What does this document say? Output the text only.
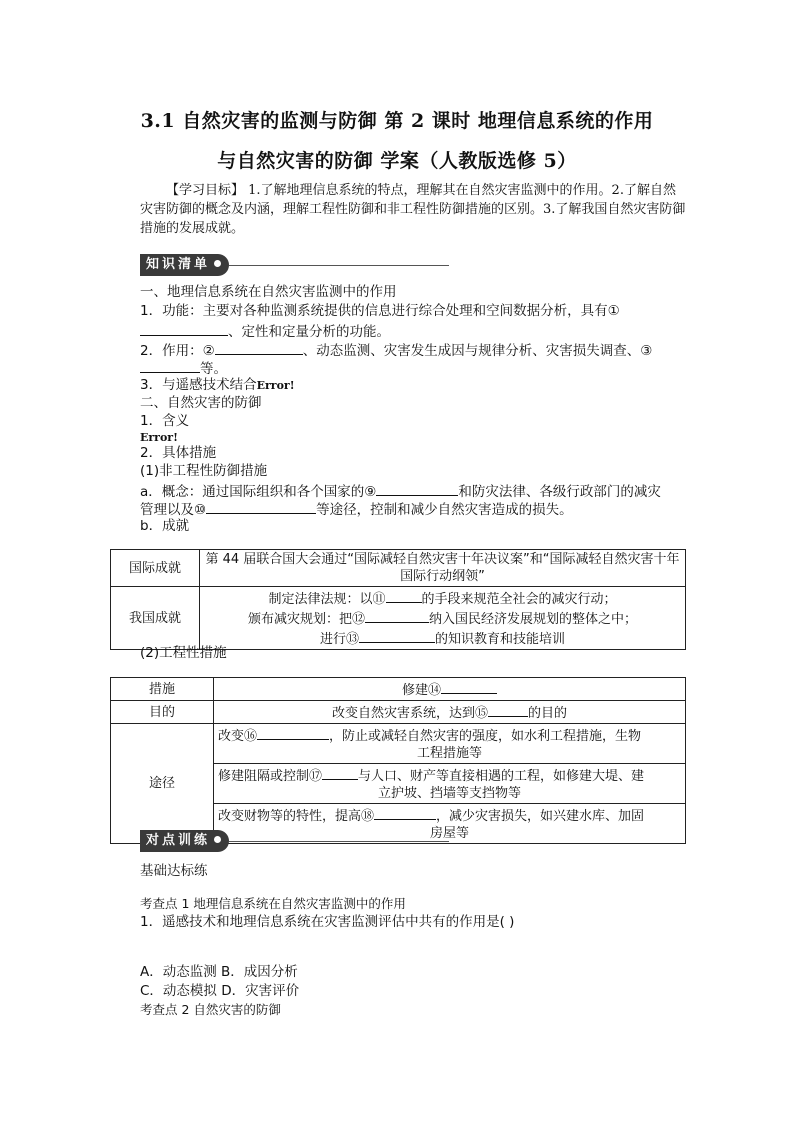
3.1 自然灾害的监测与防御 第 2 课时 地理信息系统的作用
与自然灾害的防御 学案（人教版选修 5）
【学习目标】 1.了解地理信息系统的特点，理解其在自然灾害监测中的作用。2.了解自然灾害防御的概念及内涵，理解工程性防御和非工程性防御措施的区别。3.了解我国自然灾害防御措施的发展成就。
知识清单
一、地理信息系统在自然灾害监测中的作用
1．功能：主要对各种监测系统提供的信息进行综合处理和空间数据分析，具有①
、定性和定量分析的功能。
2．作用：②	、动态监测、灾害发生成因与规律分析、灾害损失调查、③
等。
3．与遥感技术结合Error!
二、自然灾害的防御
1．含义
Error!
2．具体措施
(1)非工程性防御措施
a．概念：通过国际组织和各个国家的⑨	和防灾法律、各级行政部门的减灾
管理以及⑩	等途径，控制和减少自然灾害造成的损失。
b．成就
国际成就	第 44 届联合国大会通过“国际减轻自然灾害十年决议案”和“国际减轻自然灾害十年国际行动纲领”
我国成就	制定法律法规：以⑪ 的手段来规范全社会的减灾行动；
颁布减灾规划：把⑫ 纳入国民经济发展规划的整体之中；
进行⑬ 的知识教育和技能培训
(2)工程性措施
措施	修建⑭
目的	改变自然灾害系统，达到⑮ 的目的
途径	改变⑯ ，防止或减轻自然灾害的强度，如水利工程措施，生物
工程措施等

	修建阻隔或控制⑰ 与人口、财产等直接相遇的工程，如修建大堤、建
立护坡、挡墙等支挡物等

	改变财物等的特性，提高⑱ ，减少灾害损失，如兴建水库、加固
房屋等
对点训练
基础达标练
考查点 1 地理信息系统在自然灾害监测中的作用
1．遥感技术和地理信息系统在灾害监测评估中共有的作用是( )
A．动态监测 B．成因分析
C．动态模拟 D．灾害评价
考查点 2 自然灾害的防御
